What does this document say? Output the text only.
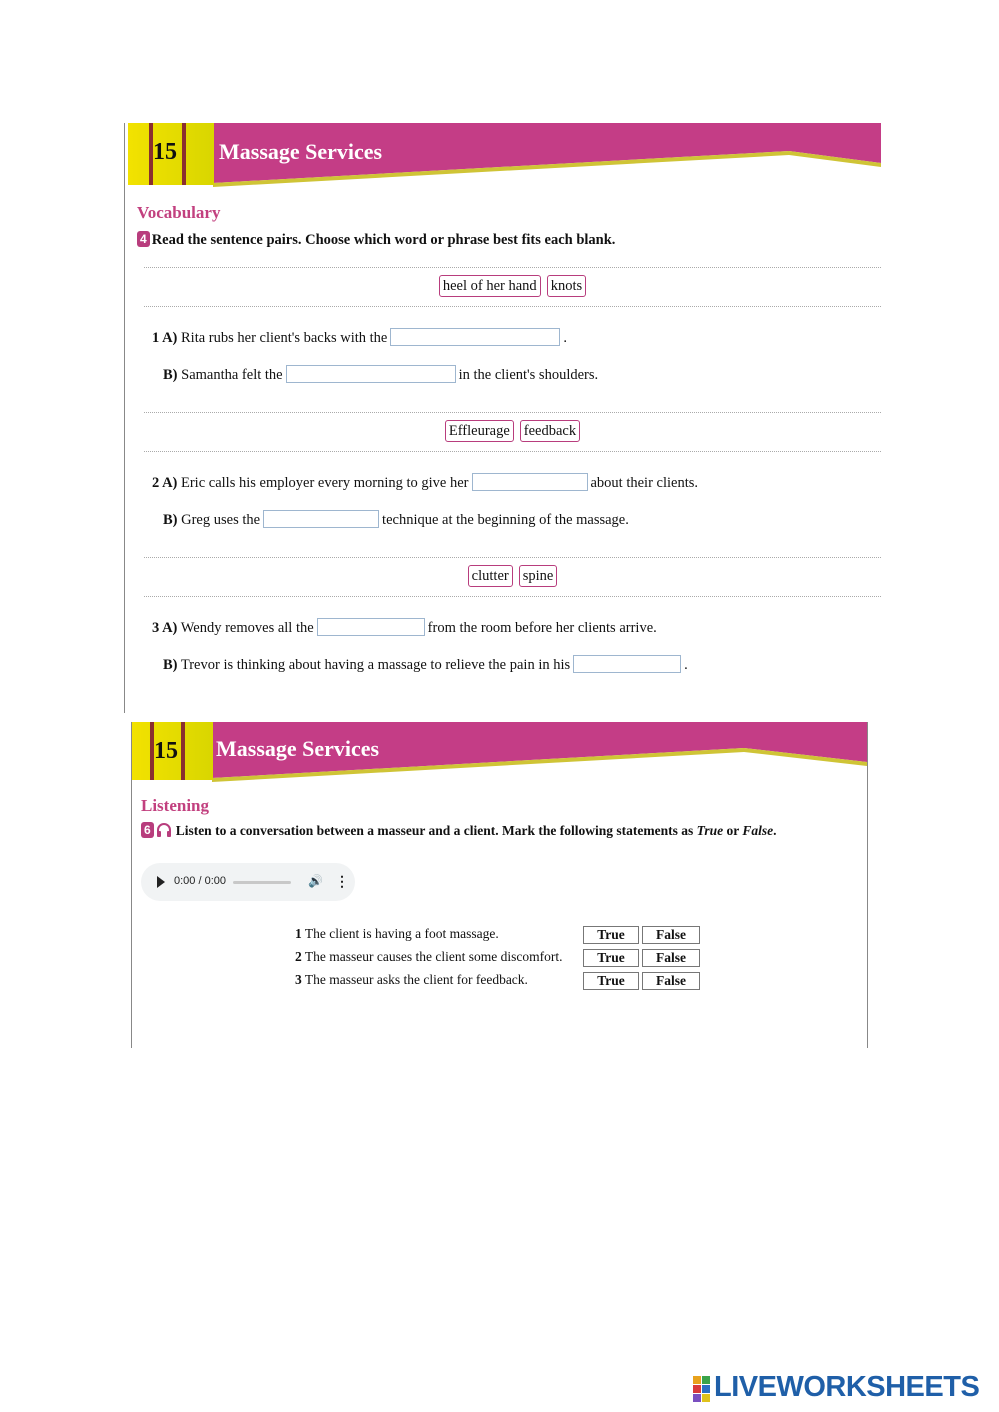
15 Massage Services
Vocabulary
4 Read the sentence pairs. Choose which word or phrase best fits each blank.
heel of her hand knots
1 A) Rita rubs her client's backs with the	.
B) Samantha felt the	in the client's shoulders.
Effleurage feedback
2 A) Eric calls his employer every morning to give her	about their clients.
B) Greg uses the	technique at the beginning of the massage.
clutter spine
3 A) Wendy removes all the	from the room before her clients arrive.
B) Trevor is thinking about having a massage to relieve the pain in his	.
15 Massage Services
Listening
6 Listen to a conversation between a masseur and a client. Mark the following statements as True or False.
0:00 / 0:00	🔊 ⋮
1 The client is having a foot massage.	True	False
2 The masseur causes the client some discomfort.	True	False
3 The masseur asks the client for feedback.	True	False
LIVEWORKSHEETS
